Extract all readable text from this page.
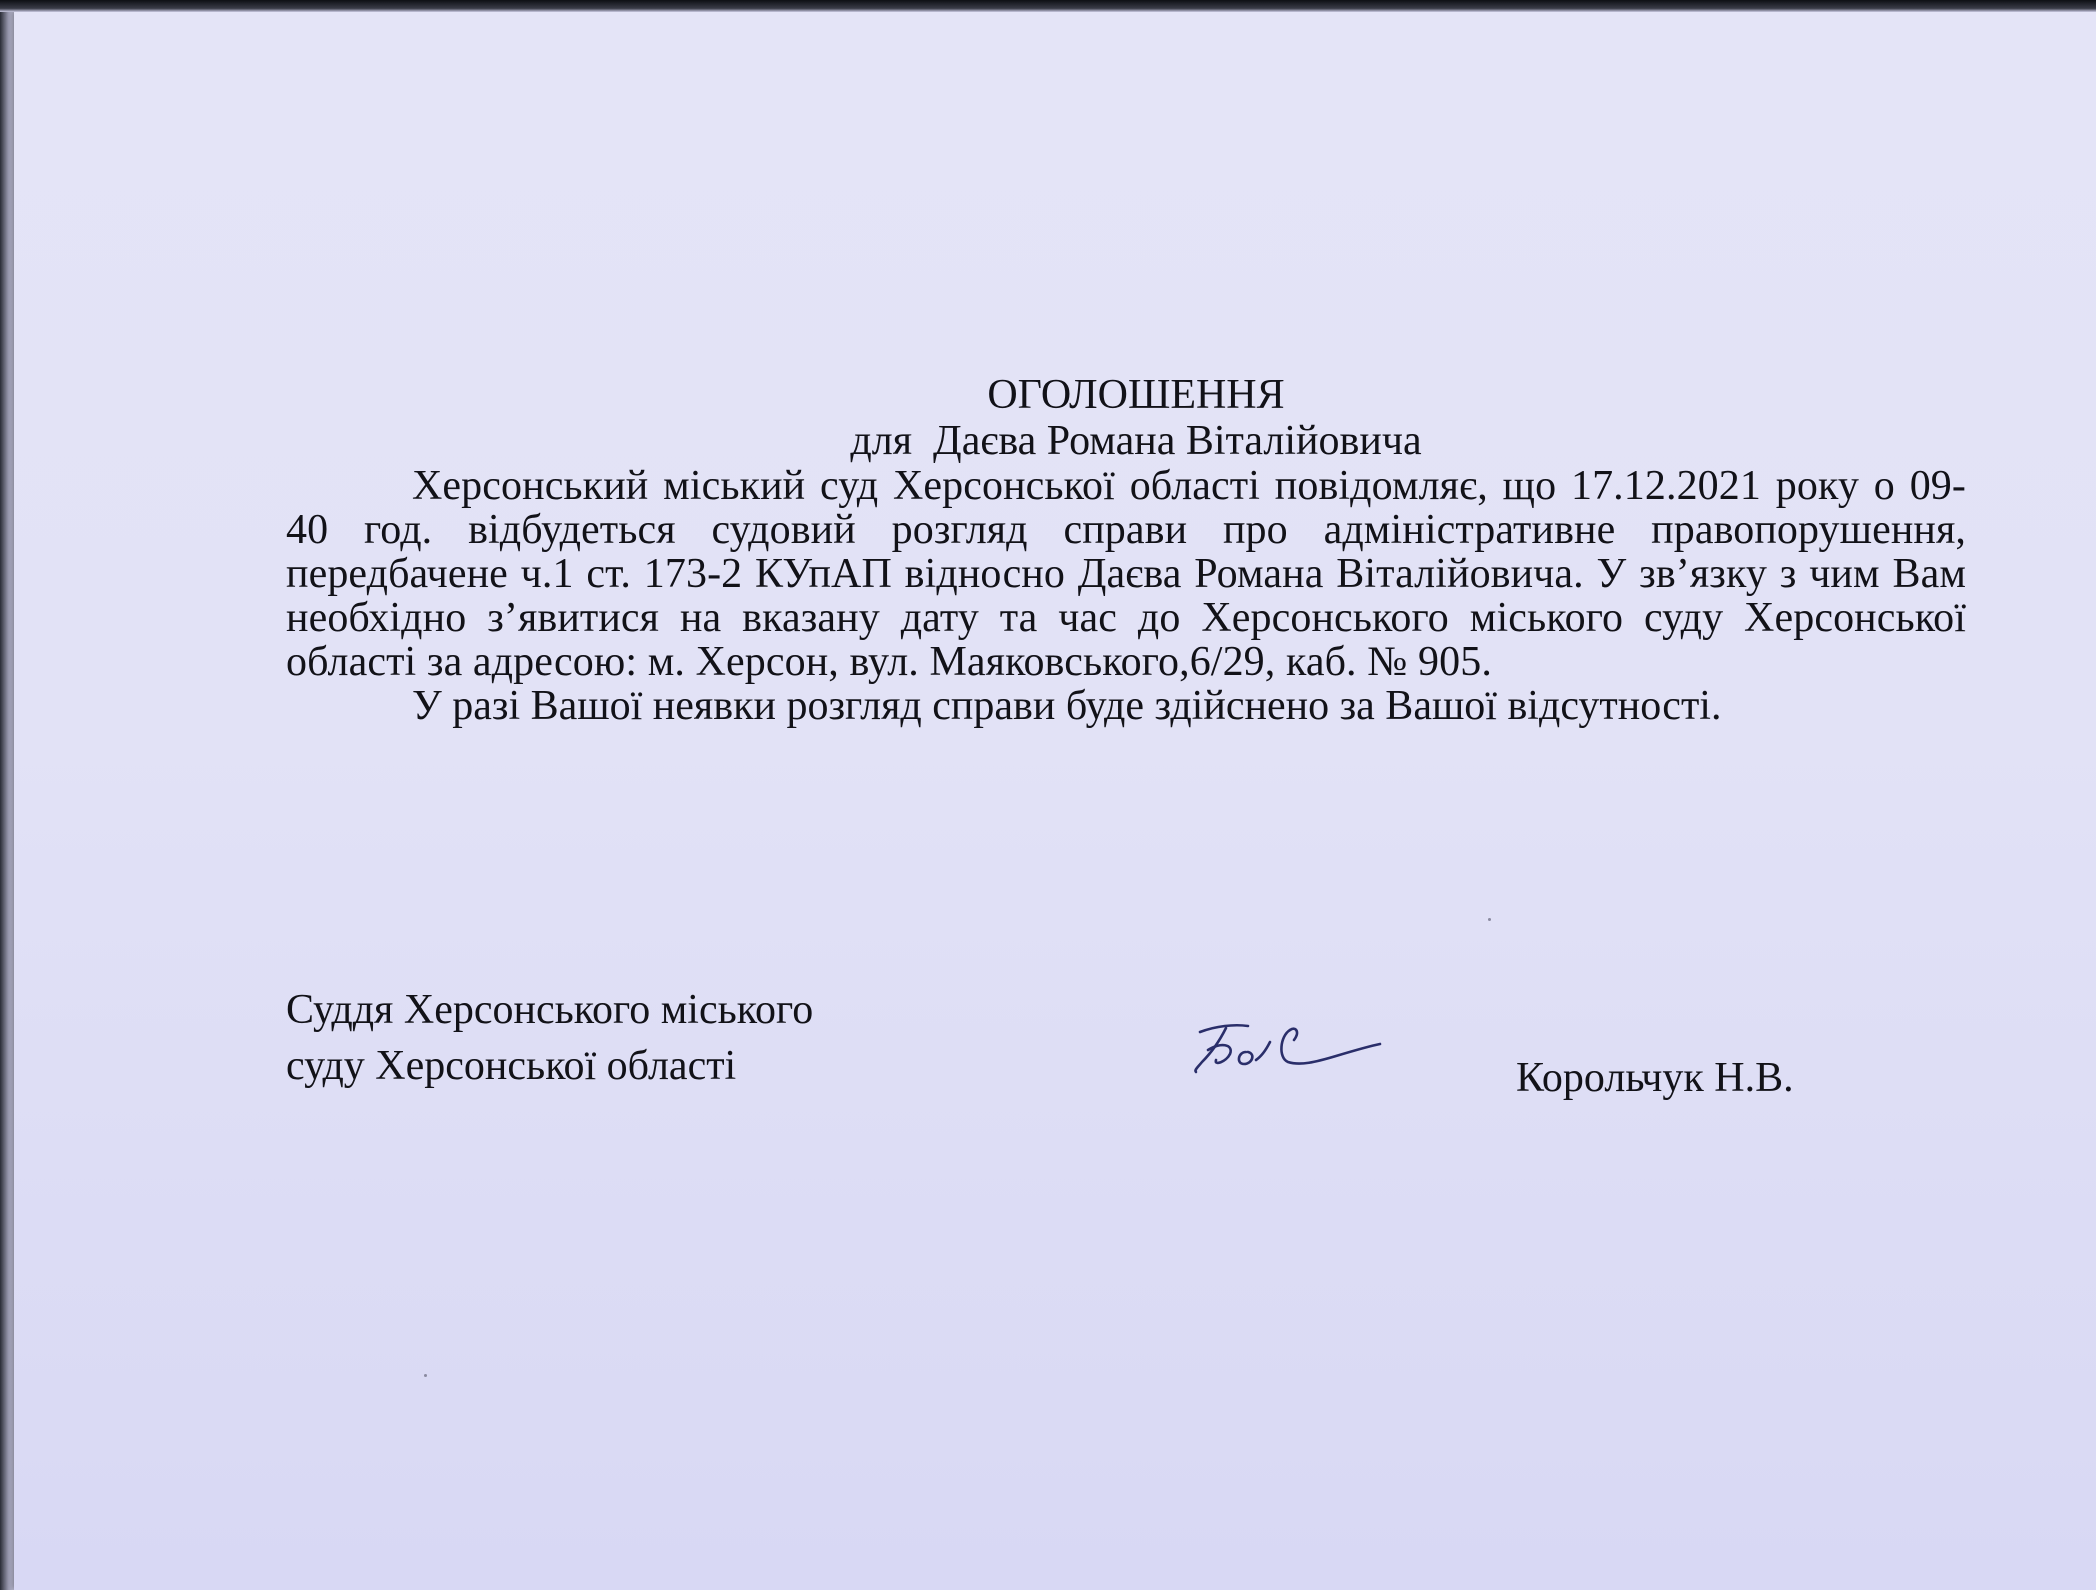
ОГОЛОШЕННЯ
для  Даєва Романа Віталійовича

Херсонський міський суд Херсонської області повідомляє, що 17.12.2021 року о 09-40 год. відбудеться судовий розгляд справи про адміністративне правопорушення, передбачене ч.1 ст. 173-2 КУпАП відносно Даєва Романа Віталійовича. У зв’язку з чим Вам необхідно з’явитися на вказану дату та час до Херсонського міського суду Херсонської області за адресою: м. Херсон, вул. Маяковського,6/29, каб. № 905.

У разі Вашої неявки розгляд справи буде здійснено за Вашої відсутності.

Суддя Херсонського міського
суду Херсонської області	Корольчук Н.В.
